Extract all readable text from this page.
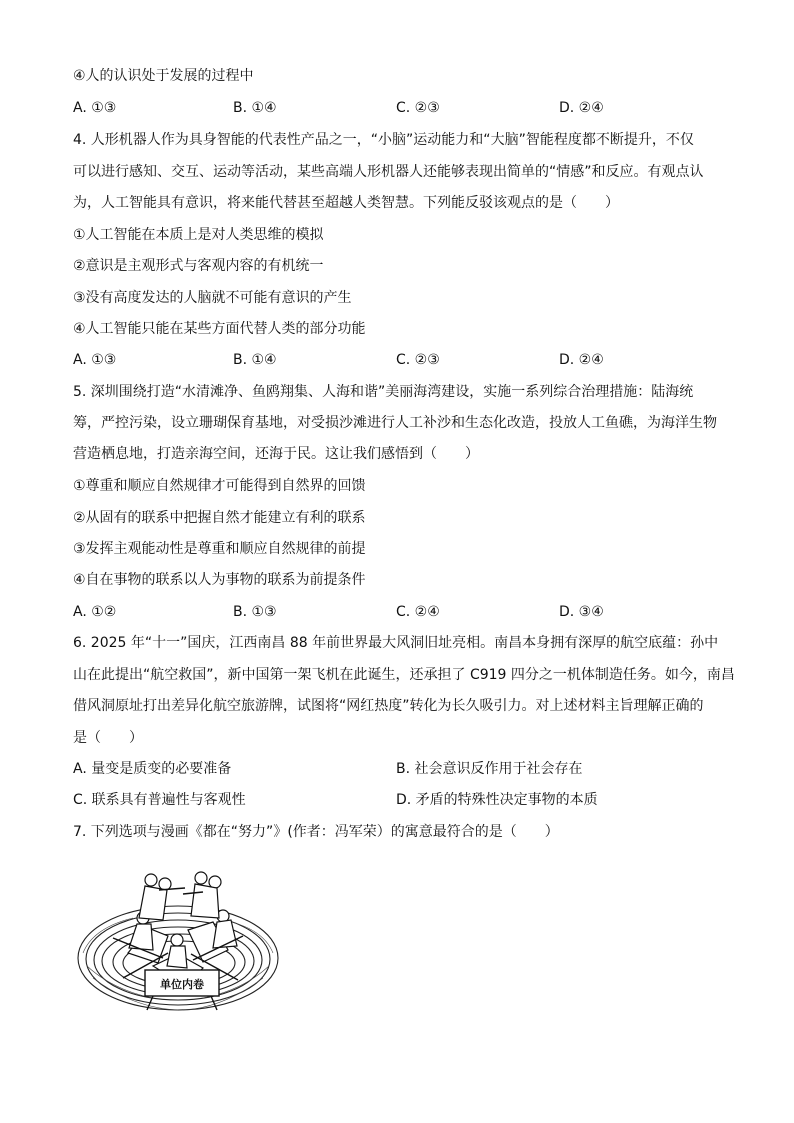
④人的认识处于发展的过程中
A. ①③	B. ①④	C. ②③	D. ②④
4. 人形机器人作为具身智能的代表性产品之一，“小脑”运动能力和“大脑”智能程度都不断提升，不仅
可以进行感知、交互、运动等活动，某些高端人形机器人还能够表现出简单的“情感”和反应。有观点认
为，人工智能具有意识，将来能代替甚至超越人类智慧。下列能反驳该观点的是（　　）
①人工智能在本质上是对人类思维的模拟
②意识是主观形式与客观内容的有机统一
③没有高度发达的人脑就不可能有意识的产生
④人工智能只能在某些方面代替人类的部分功能
A. ①③	B. ①④	C. ②③	D. ②④
5. 深圳围绕打造“水清滩净、鱼鸥翔集、人海和谐”美丽海湾建设，实施一系列综合治理措施：陆海统
筹，严控污染，设立珊瑚保育基地，对受损沙滩进行人工补沙和生态化改造，投放人工鱼礁，为海洋生物
营造栖息地，打造亲海空间，还海于民。这让我们感悟到（　　）
①尊重和顺应自然规律才可能得到自然界的回馈
②从固有的联系中把握自然才能建立有利的联系
③发挥主观能动性是尊重和顺应自然规律的前提
④自在事物的联系以人为事物的联系为前提条件
A. ①②	B. ①③	C. ②④	D. ③④
6. 2025 年“十一”国庆，江西南昌 88 年前世界最大风洞旧址亮相。南昌本身拥有深厚的航空底蕴：孙中
山在此提出“航空救国”，新中国第一架飞机在此诞生，还承担了 C919 四分之一机体制造任务。如今，南昌
借风洞原址打出差异化航空旅游牌，试图将“网红热度”转化为长久吸引力。对上述材料主旨理解正确的
是（　　）
A. 量变是质变的必要准备	B. 社会意识反作用于社会存在
C. 联系具有普遍性与客观性	D. 矛盾的特殊性决定事物的本质
7. 下列选项与漫画《都在“努力”》(作者：冯军荣）的寓意最符合的是（　　）
单位内卷
